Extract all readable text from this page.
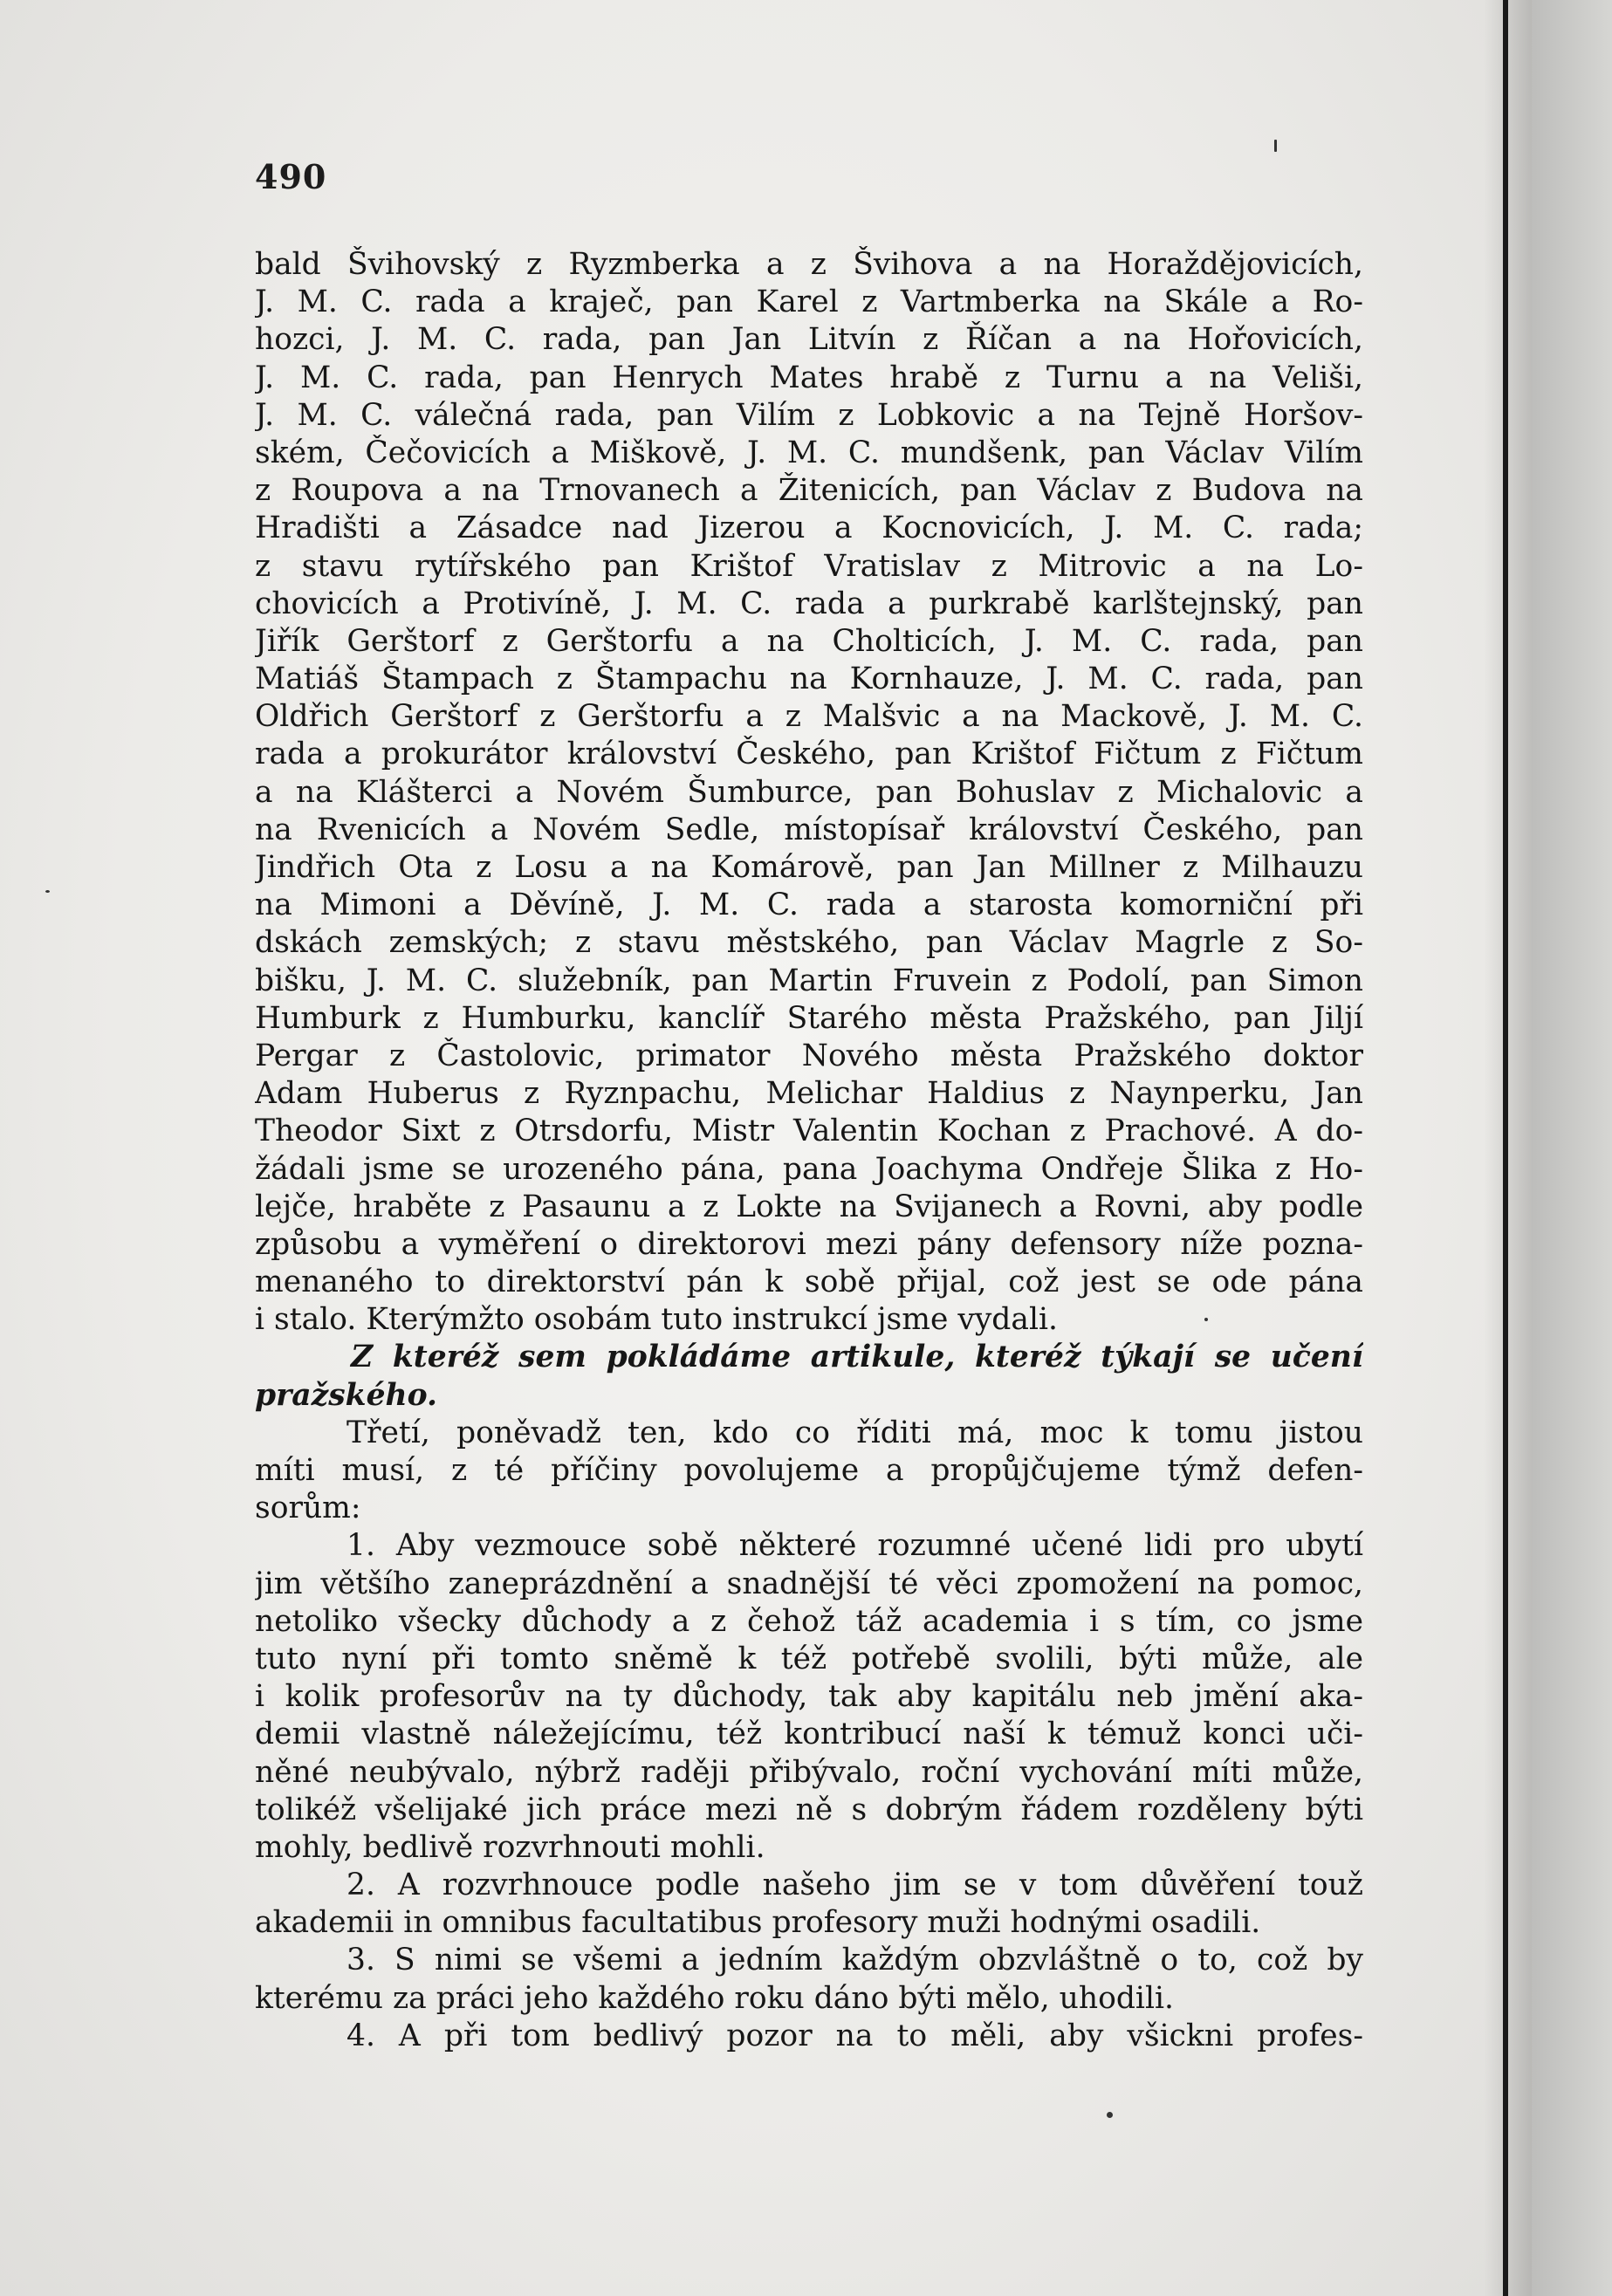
490
bald Švihovský z Ryzmberka a z Švihova a na Horaždějovicích,
J. M. C. rada a kraječ, pan Karel z Vartmberka na Skále a Ro-
hozci, J. M. C. rada, pan Jan Litvín z Říčan a na Hořovicích,
J. M. C. rada, pan Henrych Mates hrabě z Turnu a na Veliši,
J. M. C. válečná rada, pan Vilím z Lobkovic a na Tejně Horšov-
ském, Čečovicích a Miškově, J. M. C. mundšenk, pan Václav Vilím
z Roupova a na Trnovanech a Žitenicích, pan Václav z Budova na
Hradišti a Zásadce nad Jizerou a Kocnovicích, J. M. C. rada;
z stavu rytířského pan Krištof Vratislav z Mitrovic a na Lo-
chovicích a Protivíně, J. M. C. rada a purkrabě karlštejnský, pan
Jiřík Gerštorf z Gerštorfu a na Cholticích, J. M. C. rada, pan
Matiáš Štampach z Štampachu na Kornhauze, J. M. C. rada, pan
Oldřich Gerštorf z Gerštorfu a z Malšvic a na Mackově, J. M. C.
rada a prokurátor království Českého, pan Krištof Fičtum z Fičtum
a na Klášterci a Novém Šumburce, pan Bohuslav z Michalovic a
na Rvenicích a Novém Sedle, místopísař království Českého, pan
Jindřich Ota z Losu a na Komárově, pan Jan Millner z Milhauzu
na Mimoni a Děvíně, J. M. C. rada a starosta komorniční při
dskách zemských; z stavu městského, pan Václav Magrle z So-
bišku, J. M. C. služebník, pan Martin Fruvein z Podolí, pan Simon
Humburk z Humburku, kanclíř Starého města Pražského, pan Jiljí
Pergar z Častolovic, primator Nového města Pražského doktor
Adam Huberus z Ryznpachu, Melichar Haldius z Naynperku, Jan
Theodor Sixt z Otrsdorfu, Mistr Valentin Kochan z Prachové. A do-
žádali jsme se urozeného pána, pana Joachyma Ondřeje Šlika z Ho-
lejče, hraběte z Pasaunu a z Lokte na Svijanech a Rovni, aby podle
způsobu a vyměření o direktorovi mezi pány defensory níže pozna-
menaného to direktorství pán k sobě přijal, což jest se ode pána
i stalo. Kterýmžto osobám tuto instrukcí jsme vydali.
Z kteréž sem pokládáme artikule, kteréž týkají se učení
pražského.
Třetí, poněvadž ten, kdo co říditi má, moc k tomu jistou
míti musí, z té příčiny povolujeme a propůjčujeme týmž defen-
sorům:
1. Aby vezmouce sobě některé rozumné učené lidi pro ubytí
jim většího zaneprázdnění a snadnější té věci zpomožení na pomoc,
netoliko všecky důchody a z čehož táž academia i s tím, co jsme
tuto nyní při tomto sněmě k též potřebě svolili, býti může, ale
i kolik profesorův na ty důchody, tak aby kapitálu neb jmění aka-
demii vlastně náležejícímu, též kontribucí naší k témuž konci uči-
něné neubývalo, nýbrž raději přibývalo, roční vychování míti může,
tolikéž všelijaké jich práce mezi ně s dobrým řádem rozděleny býti
mohly, bedlivě rozvrhnouti mohli.
2. A rozvrhnouce podle našeho jim se v tom důvěření touž
akademii in omnibus facultatibus profesory muži hodnými osadili.
3. S nimi se všemi a jedním každým obzvláštně o to, což by
kterému za práci jeho každého roku dáno býti mělo, uhodili.
4. A při tom bedlivý pozor na to měli, aby všickni profes-
